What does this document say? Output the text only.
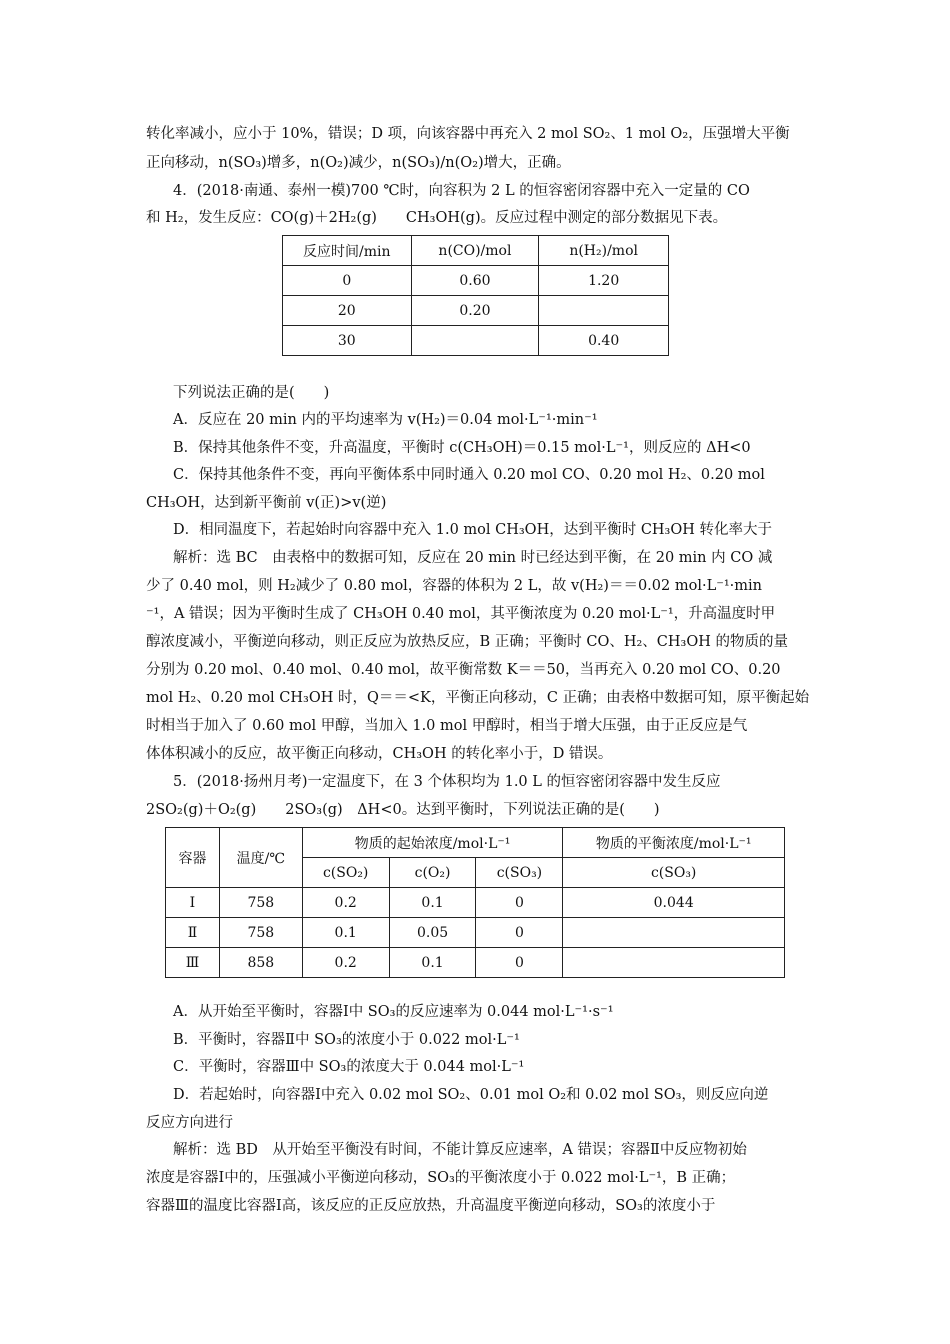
转化率减小，应小于 10%，错误；D 项，向该容器中再充入 2 mol SO₂、1 mol O₂，压强增大平衡
正向移动，n(SO₃)增多，n(O₂)减少，n(SO₃)/n(O₂)增大，正确。
4．(2018·南通、泰州一模)700 ℃时，向容积为 2 L 的恒容密闭容器中充入一定量的 CO
和 H₂，发生反应：CO(g)＋2H₂(g)　　CH₃OH(g)。反应过程中测定的部分数据见下表。
反应时间/min	n(CO)/mol	n(H₂)/mol
0	0.60	1.20
20	0.20	
30		0.40
下列说法正确的是(　　)
A．反应在 20 min 内的平均速率为 v(H₂)＝0.04 mol·L⁻¹·min⁻¹
B．保持其他条件不变，升高温度，平衡时 c(CH₃OH)＝0.15 mol·L⁻¹，则反应的 ΔH<0
C．保持其他条件不变，再向平衡体系中同时通入 0.20 mol CO、0.20 mol H₂、0.20 mol
CH₃OH，达到新平衡前 v(正)>v(逆)
D．相同温度下，若起始时向容器中充入 1.0 mol CH₃OH，达到平衡时 CH₃OH 转化率大于
解析：选 BC　由表格中的数据可知，反应在 20 min 时已经达到平衡，在 20 min 内 CO 减
少了 0.40 mol，则 H₂减少了 0.80 mol，容器的体积为 2 L，故 v(H₂)＝＝0.02 mol·L⁻¹·min
⁻¹，A 错误；因为平衡时生成了 CH₃OH 0.40 mol，其平衡浓度为 0.20 mol·L⁻¹，升高温度时甲
醇浓度减小，平衡逆向移动，则正反应为放热反应，B 正确；平衡时 CO、H₂、CH₃OH 的物质的量
分别为 0.20 mol、0.40 mol、0.40 mol，故平衡常数 K＝＝50，当再充入 0.20 mol CO、0.20
mol H₂、0.20 mol CH₃OH 时，Q＝＝<K，平衡正向移动，C 正确；由表格中数据可知，原平衡起始
时相当于加入了 0.60 mol 甲醇，当加入 1.0 mol 甲醇时，相当于增大压强，由于正反应是气
体体积减小的反应，故平衡正向移动，CH₃OH 的转化率小于，D 错误。
5．(2018·扬州月考)一定温度下，在 3 个体积均为 1.0 L 的恒容密闭容器中发生反应
2SO₂(g)＋O₂(g)　　2SO₃(g)　ΔH<0。达到平衡时，下列说法正确的是(　　)
容器	温度/℃	物质的起始浓度/mol·L⁻¹			物质的平衡浓度/mol·L⁻¹
		c(SO₂)	c(O₂)	c(SO₃)	c(SO₃)
Ⅰ	758	0.2	0.1	0	0.044
Ⅱ	758	0.1	0.05	0	
Ⅲ	858	0.2	0.1	0	
A．从开始至平衡时，容器Ⅰ中 SO₃的反应速率为 0.044 mol·L⁻¹·s⁻¹
B．平衡时，容器Ⅱ中 SO₃的浓度小于 0.022 mol·L⁻¹
C．平衡时，容器Ⅲ中 SO₃的浓度大于 0.044 mol·L⁻¹
D．若起始时，向容器Ⅰ中充入 0.02 mol SO₂、0.01 mol O₂和 0.02 mol SO₃，则反应向逆
反应方向进行
解析：选 BD　从开始至平衡没有时间，不能计算反应速率，A 错误；容器Ⅱ中反应物初始
浓度是容器Ⅰ中的，压强减小平衡逆向移动，SO₃的平衡浓度小于 0.022 mol·L⁻¹，B 正确；
容器Ⅲ的温度比容器Ⅰ高，该反应的正反应放热，升高温度平衡逆向移动，SO₃的浓度小于
